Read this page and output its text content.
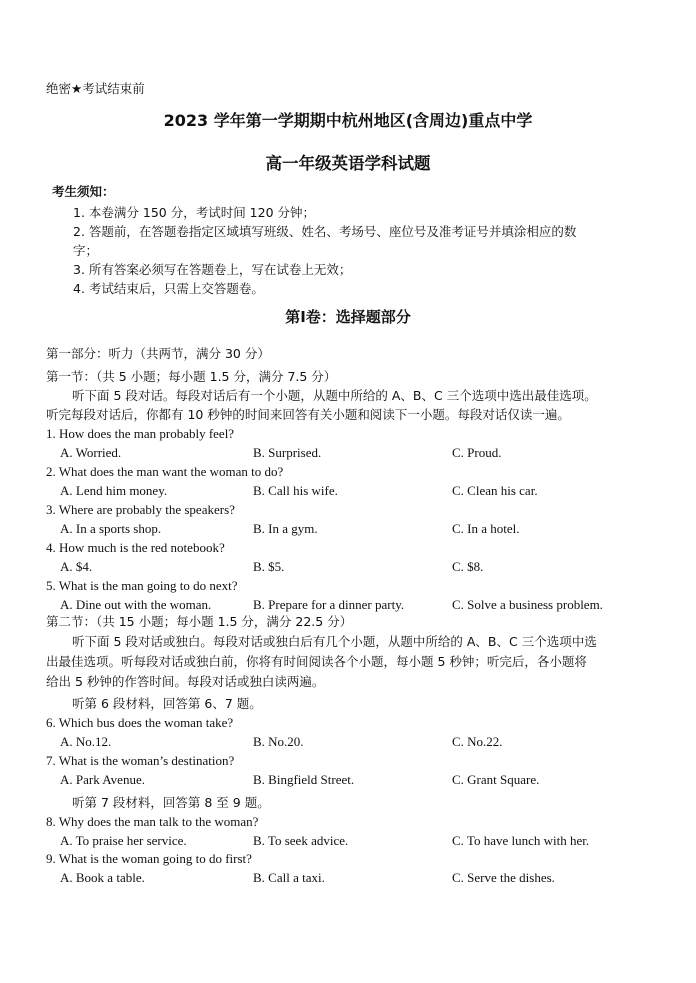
绝密★考试结束前
2023 学年第一学期期中杭州地区(含周边)重点中学
高一年级英语学科试题
考生须知：
1. 本卷满分 150 分，考试时间 120 分钟；
2. 答题前，在答题卷指定区域填写班级、姓名、考场号、座位号及准考证号并填涂相应的数
字；
3. 所有答案必须写在答题卷上，写在试卷上无效；
4. 考试结束后，只需上交答题卷。
第Ⅰ卷：选择题部分
第一部分：听力（共两节，满分 30 分）
第一节：（共 5 小题；每小题 1.5 分，满分 7.5 分）
听下面 5 段对话。每段对话后有一个小题，从题中所给的 A、B、C 三个选项中选出最佳选项。
听完每段对话后，你都有 10 秒钟的时间来回答有关小题和阅读下一小题。每段对话仅读一遍。
1. How does the man probably feel?
A. Worried.	B. Surprised.	C. Proud.
2. What does the man want the woman to do?
A. Lend him money.	B. Call his wife.	C. Clean his car.
3. Where are probably the speakers?
A. In a sports shop.	B. In a gym.	C. In a hotel.
4. How much is the red notebook?
A. $4.	B. $5.	C. $8.
5. What is the man going to do next?
A. Dine out with the woman.	B. Prepare for a dinner party.	C. Solve a business problem.
第二节：（共 15 小题；每小题 1.5 分，满分 22.5 分）
听下面 5 段对话或独白。每段对话或独白后有几个小题，从题中所给的 A、B、C 三个选项中选
出最佳选项。听每段对话或独白前，你将有时间阅读各个小题，每小题 5 秒钟；听完后，各小题将
给出 5 秒钟的作答时间。每段对话或独白读两遍。
听第 6 段材料，回答第 6、7 题。
6. Which bus does the woman take?
A. No.12.	B. No.20.	C. No.22.
7. What is the woman’s destination?
A. Park Avenue.	B. Bingfield Street.	C. Grant Square.
听第 7 段材料，回答第 8 至 9 题。
8. Why does the man talk to the woman?
A. To praise her service.	B. To seek advice.	C. To have lunch with her.
9. What is the woman going to do first?
A. Book a table.	B. Call a taxi.	C. Serve the dishes.
